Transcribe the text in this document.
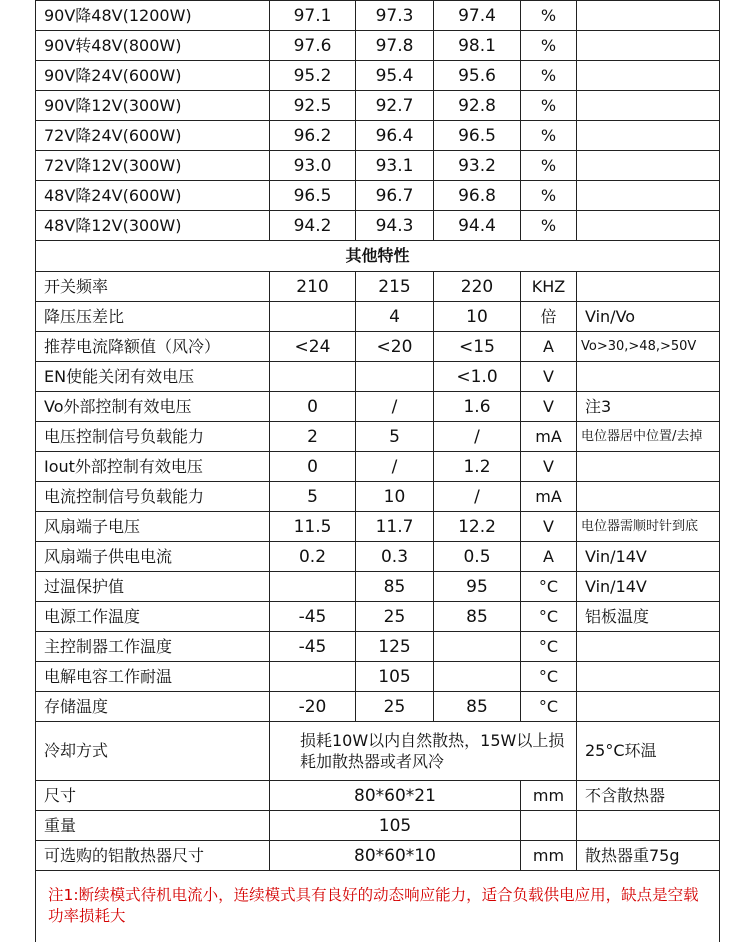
90V降48V(1200W)	97.1	97.3	97.4	%	
90V转48V(800W)	97.6	97.8	98.1	%	
90V降24V(600W)	95.2	95.4	95.6	%	
90V降12V(300W)	92.5	92.7	92.8	%	
72V降24V(600W)	96.2	96.4	96.5	%	
72V降12V(300W)	93.0	93.1	93.2	%	
48V降24V(600W)	96.5	96.7	96.8	%	
48V降12V(300W)	94.2	94.3	94.4	%	
其他特性					
开关频率	210	215	220	KHZ	
降压压差比		4	10	倍	Vin/Vo
推荐电流降额值（风冷）	<24	<20	<15	A	Vo>30,>48,>50V
EN使能关闭有效电压			<1.0	V	
Vo外部控制有效电压	0	/	1.6	V	注3
电压控制信号负载能力	2	5	/	mA	电位器居中位置/去掉
Iout外部控制有效电压	0	/	1.2	V	
电流控制信号负载能力	5	10	/	mA	
风扇端子电压	11.5	11.7	12.2	V	电位器需顺时针到底
风扇端子供电电流	0.2	0.3	0.5	A	Vin/14V
过温保护值		85	95	°C	Vin/14V
电源工作温度	-45	25	85	°C	铝板温度
主控制器工作温度	-45	125		°C	
电解电容工作耐温		105		°C	
存储温度	-20	25	85	°C	
冷却方式	损耗10W以内自然散热，15W以上损耗加散热器或者风冷				25°C环温
尺寸	80*60*21			mm	不含散热器
重量	105				
可选购的铝散热器尺寸	80*60*10			mm	散热器重75g
注1:断续模式待机电流小，连续模式具有良好的动态响应能力，适合负载供电应用，缺点是空载功率损耗大
